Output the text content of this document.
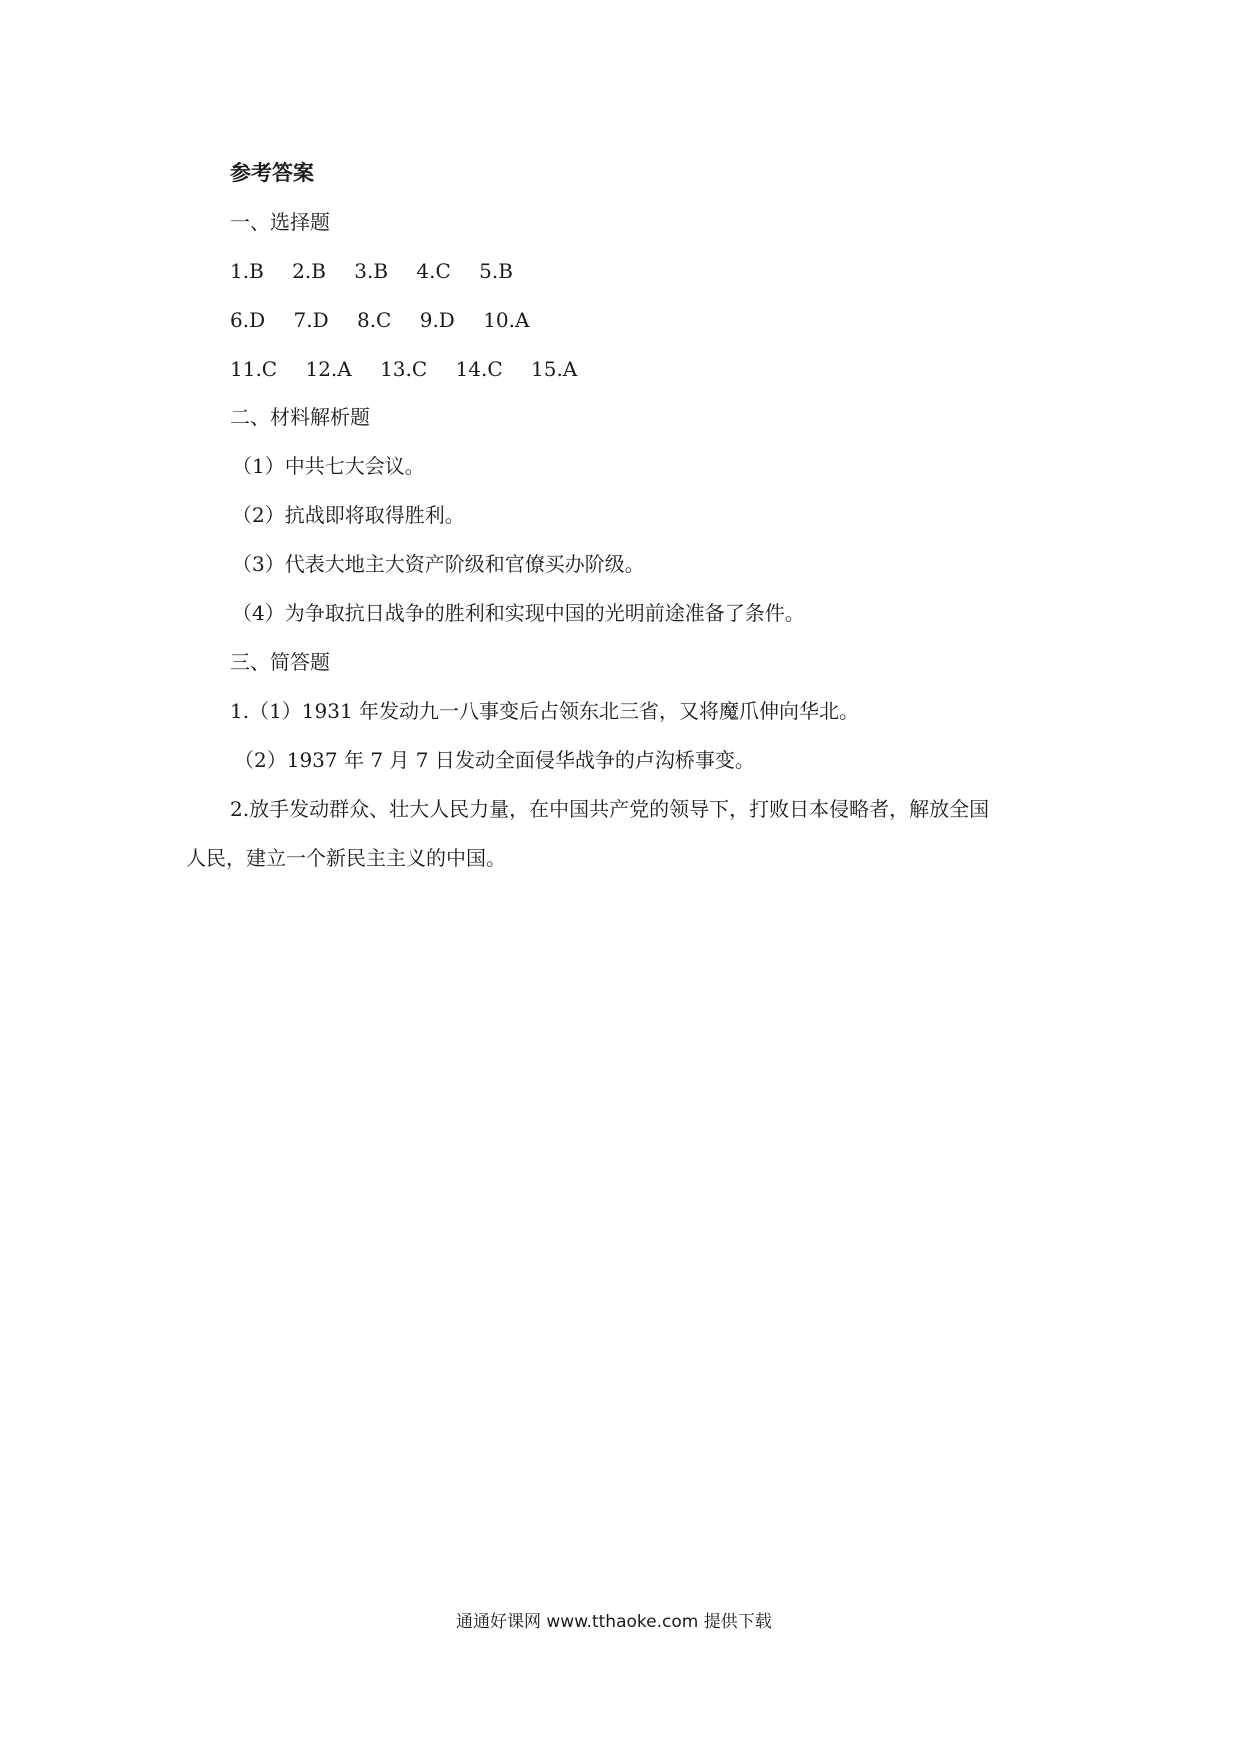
参考答案
一、选择题
1.B 2.B 3.B 4.C 5.B
6.D 7.D 8.C 9.D 10.A
11.C 12.A 13.C 14.C 15.A
二、材料解析题
（1）中共七大会议。
（2）抗战即将取得胜利。
（3）代表大地主大资产阶级和官僚买办阶级。
（4）为争取抗日战争的胜利和实现中国的光明前途准备了条件。
三、简答题
1.（1）1931 年发动九一八事变后占领东北三省，又将魔爪伸向华北。
（2）1937 年 7 月 7 日发动全面侵华战争的卢沟桥事变。
2.放手发动群众、壮大人民力量，在中国共产党的领导下，打败日本侵略者，解放全国
人民，建立一个新民主主义的中国。
通通好课网 www.tthaoke.com 提供下载
